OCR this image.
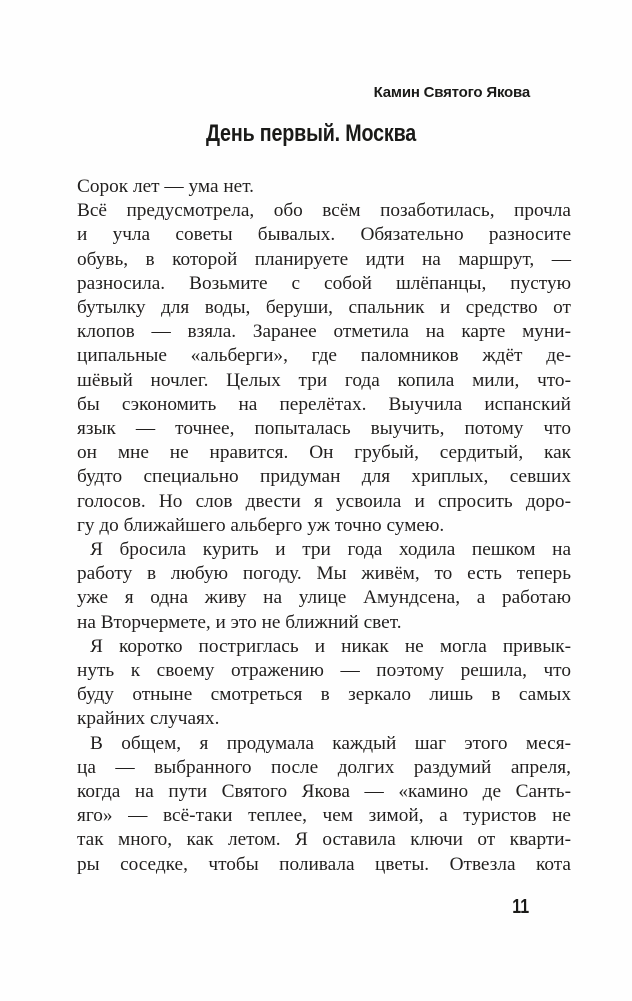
Камин Святого Якова
День первый. Москва
Сорок лет — ума нет.
Всё предусмотрела, обо всём позаботилась, прочла
и учла советы бывалых. Обязательно разносите
обувь, в которой планируете идти на маршрут, —
разносила. Возьмите с собой шлёпанцы, пустую
бутылку для воды, беруши, спальник и средство от
клопов — взяла. Заранее отметила на карте муни-
ципальные «альберги», где паломников ждёт де-
шёвый ночлег. Целых три года копила мили, что-
бы сэкономить на перелётах. Выучила испанский
язык — точнее, попыталась выучить, потому что
он мне не нравится. Он грубый, сердитый, как
будто специально придуман для хриплых, севших
голосов. Но слов двести я усвоила и спросить доро-
гу до ближайшего альберго уж точно сумею.
Я бросила курить и три года ходила пешком на
работу в любую погоду. Мы живём, то есть теперь
уже я одна живу на улице Амундсена, а работаю
на Вторчермете, и это не ближний свет.
Я коротко постриглась и никак не могла привык-
нуть к своему отражению — поэтому решила, что
буду отныне смотреться в зеркало лишь в самых
крайних случаях.
В общем, я продумала каждый шаг этого меся-
ца — выбранного после долгих раздумий апреля,
когда на пути Святого Якова — «камино де Санть-
яго» — всё-таки теплее, чем зимой, а туристов не
так много, как летом. Я оставила ключи от кварти-
ры соседке, чтобы поливала цветы. Отвезла кота
11
